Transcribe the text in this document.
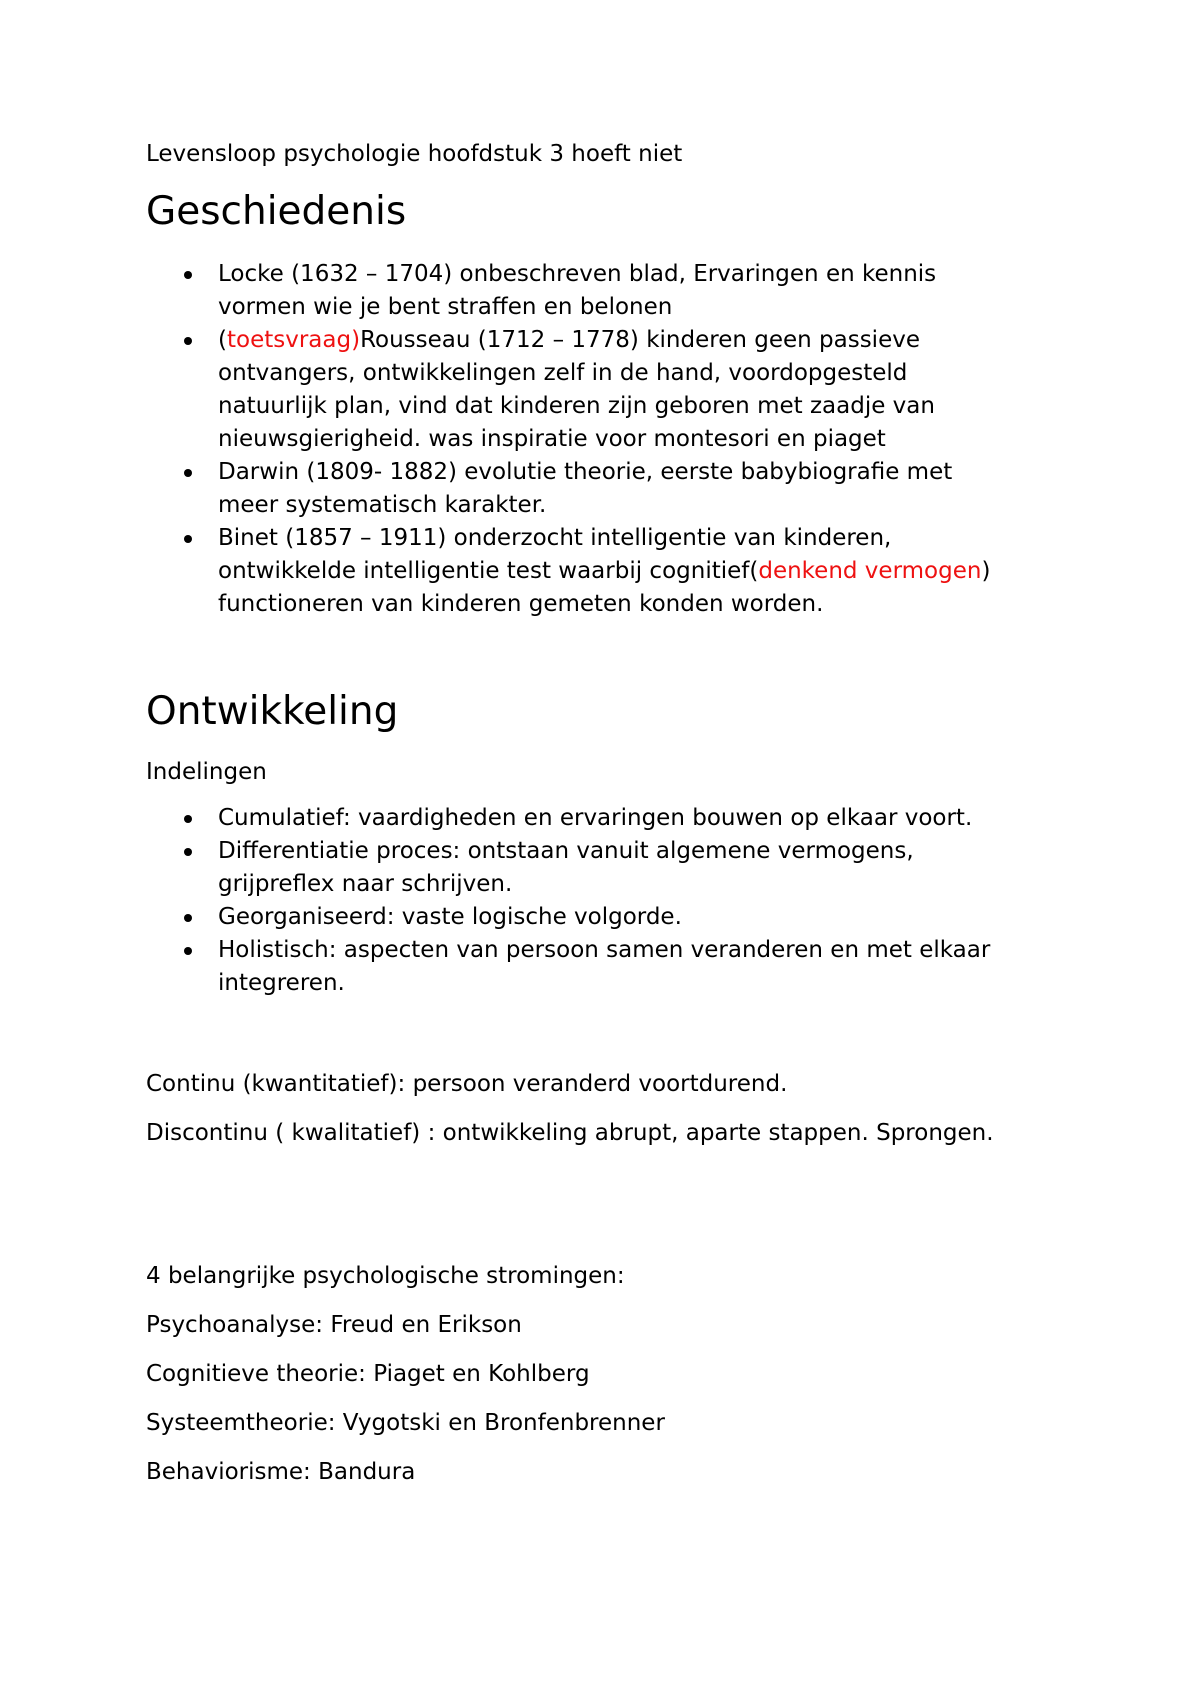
Levensloop psychologie hoofdstuk 3 hoeft niet

Geschiedenis
Locke (1632 – 1704) onbeschreven blad, Ervaringen en kennis
vormen wie je bent straffen en belonen
(toetsvraag)Rousseau (1712 – 1778) kinderen geen passieve
ontvangers, ontwikkelingen zelf in de hand, voordopgesteld
natuurlijk plan, vind dat kinderen zijn geboren met zaadje van
nieuwsgierigheid. was inspiratie voor montesori en piaget
Darwin (1809- 1882) evolutie theorie, eerste babybiografie met
meer systematisch karakter.
Binet (1857 – 1911) onderzocht intelligentie van kinderen,
ontwikkelde intelligentie test waarbij cognitief(denkend vermogen)
functioneren van kinderen gemeten konden worden.
Ontwikkeling

Indelingen

Cumulatief: vaardigheden en ervaringen bouwen op elkaar voort.
Differentiatie proces: ontstaan vanuit algemene vermogens,
grijpreflex naar schrijven.
Georganiseerd: vaste logische volgorde.
Holistisch: aspecten van persoon samen veranderen en met elkaar
integreren.

Continu (kwantitatief): persoon veranderd voortdurend.

Discontinu ( kwalitatief) : ontwikkeling abrupt, aparte stappen. Sprongen.

4 belangrijke psychologische stromingen:

Psychoanalyse: Freud en Erikson

Cognitieve theorie: Piaget en Kohlberg

Systeemtheorie: Vygotski en Bronfenbrenner

Behaviorisme: Bandura
